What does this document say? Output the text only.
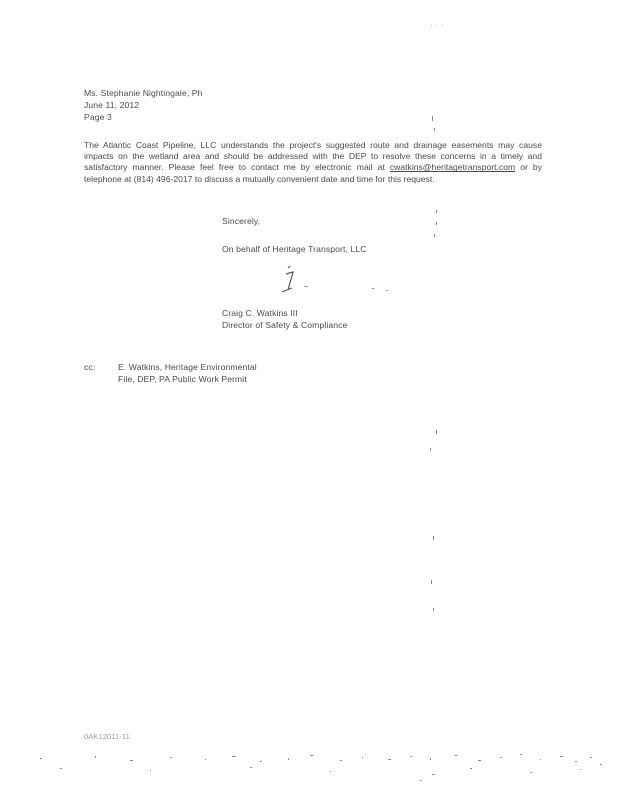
· · ·
Ms. Stephanie Nightingale, Ph
June 11, 2012
Page 3
The Atlantic Coast Pipeline, LLC understands the project's suggested route and drainage easements may cause impacts on the wetland area and should be addressed with the DEP to resolve these concerns in a timely and satisfactory manner. Please feel free to contact me by electronic mail at cwatkins@heritagetransport.com or by telephone at (814) 496-2017 to discuss a mutually convenient date and time for this request.
Sincerely,
On behalf of Heritage Transport, LLC
Craig C. Watkins III
Director of Safety & Compliance
cc:	E. Watkins, Heritage Environmental
File, DEP, PA Public Work Permit
0AK12011-11
